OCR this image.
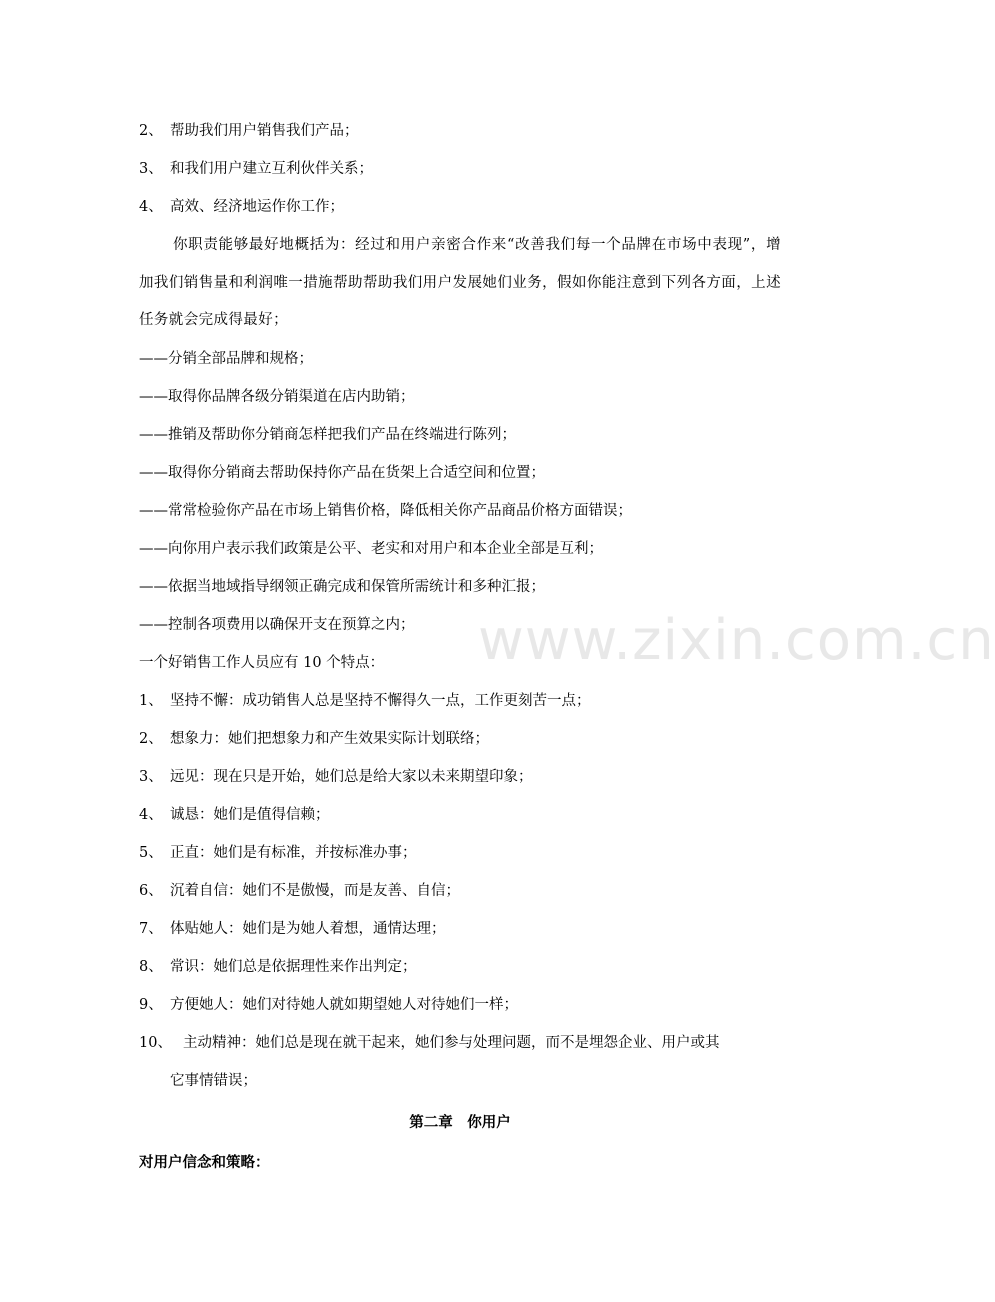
2、 帮助我们用户销售我们产品；
3、 和我们用户建立互利伙伴关系；
4、 高效、经济地运作你工作；
你职责能够最好地概括为：经过和用户亲密合作来“改善我们每一个品牌在市场中表现”，增加我们销售量和利润唯一措施帮助帮助我们用户发展她们业务，假如你能注意到下列各方面，上述任务就会完成得最好；
——分销全部品牌和规格；
——取得你品牌各级分销渠道在店内助销；
——推销及帮助你分销商怎样把我们产品在终端进行陈列；
——取得你分销商去帮助保持你产品在货架上合适空间和位置；
——常常检验你产品在市场上销售价格，降低相关你产品商品价格方面错误；
——向你用户表示我们政策是公平、老实和对用户和本企业全部是互利；
——依据当地域指导纲领正确完成和保管所需统计和多种汇报；
——控制各项费用以确保开支在预算之内；
一个好销售工作人员应有 10 个特点：
1、 坚持不懈：成功销售人总是坚持不懈得久一点，工作更刻苦一点；
2、 想象力：她们把想象力和产生效果实际计划联络；
3、 远见：现在只是开始，她们总是给大家以未来期望印象；
4、 诚恳：她们是值得信赖；
5、 正直：她们是有标准，并按标准办事；
6、 沉着自信：她们不是傲慢，而是友善、自信；
7、 体贴她人：她们是为她人着想，通情达理；
8、 常识：她们总是依据理性来作出判定；
9、 方便她人：她们对待她人就如期望她人对待她们一样；
10、 主动精神：她们总是现在就干起来，她们参与处理问题，而不是埋怨企业、用户或其
它事情错误；
第二章　你用户
对用户信念和策略：
www.zixin.com.cn
